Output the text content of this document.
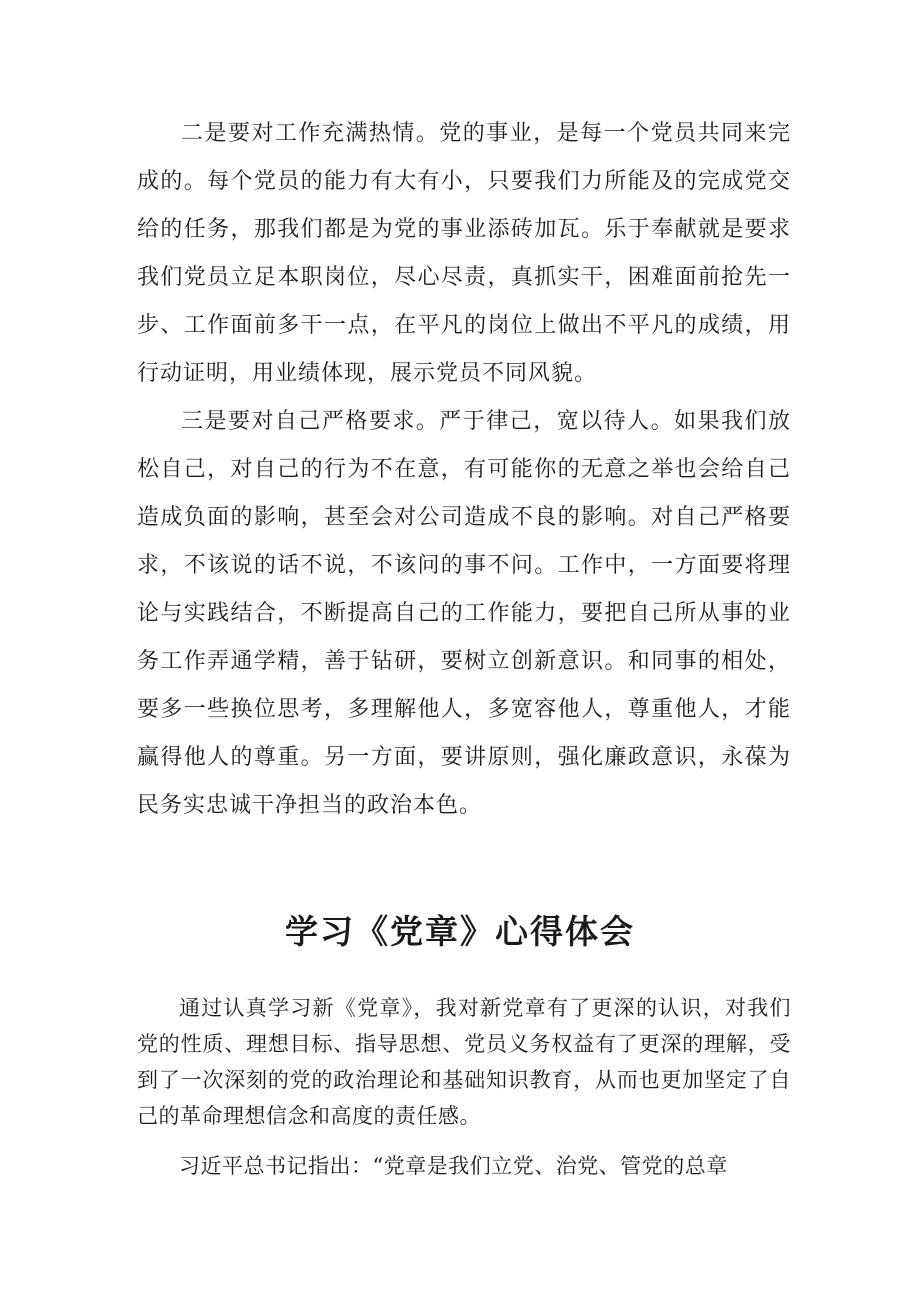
二是要对工作充满热情。党的事业，是每一个党员共同来完成的。每个党员的能力有大有小，只要我们力所能及的完成党交给的任务，那我们都是为党的事业添砖加瓦。乐于奉献就是要求我们党员立足本职岗位，尽心尽责，真抓实干，困难面前抢先一步、工作面前多干一点，在平凡的岗位上做出不平凡的成绩，用行动证明，用业绩体现，展示党员不同风貌。

三是要对自己严格要求。严于律己，宽以待人。如果我们放松自己，对自己的行为不在意，有可能你的无意之举也会给自己造成负面的影响，甚至会对公司造成不良的影响。对自己严格要求，不该说的话不说，不该问的事不问。工作中，一方面要将理论与实践结合，不断提高自己的工作能力，要把自己所从事的业务工作弄通学精，善于钻研，要树立创新意识。和同事的相处，要多一些换位思考，多理解他人，多宽容他人，尊重他人，才能赢得他人的尊重。另一方面，要讲原则，强化廉政意识，永葆为民务实忠诚干净担当的政治本色。

学习《党章》心得体会

通过认真学习新《党章》，我对新党章有了更深的认识，对我们党的性质、理想目标、指导思想、党员义务权益有了更深的理解，受到了一次深刻的党的政治理论和基础知识教育，从而也更加坚定了自己的革命理想信念和高度的责任感。

习近平总书记指出：“党章是我们立党、治党、管党的总章
